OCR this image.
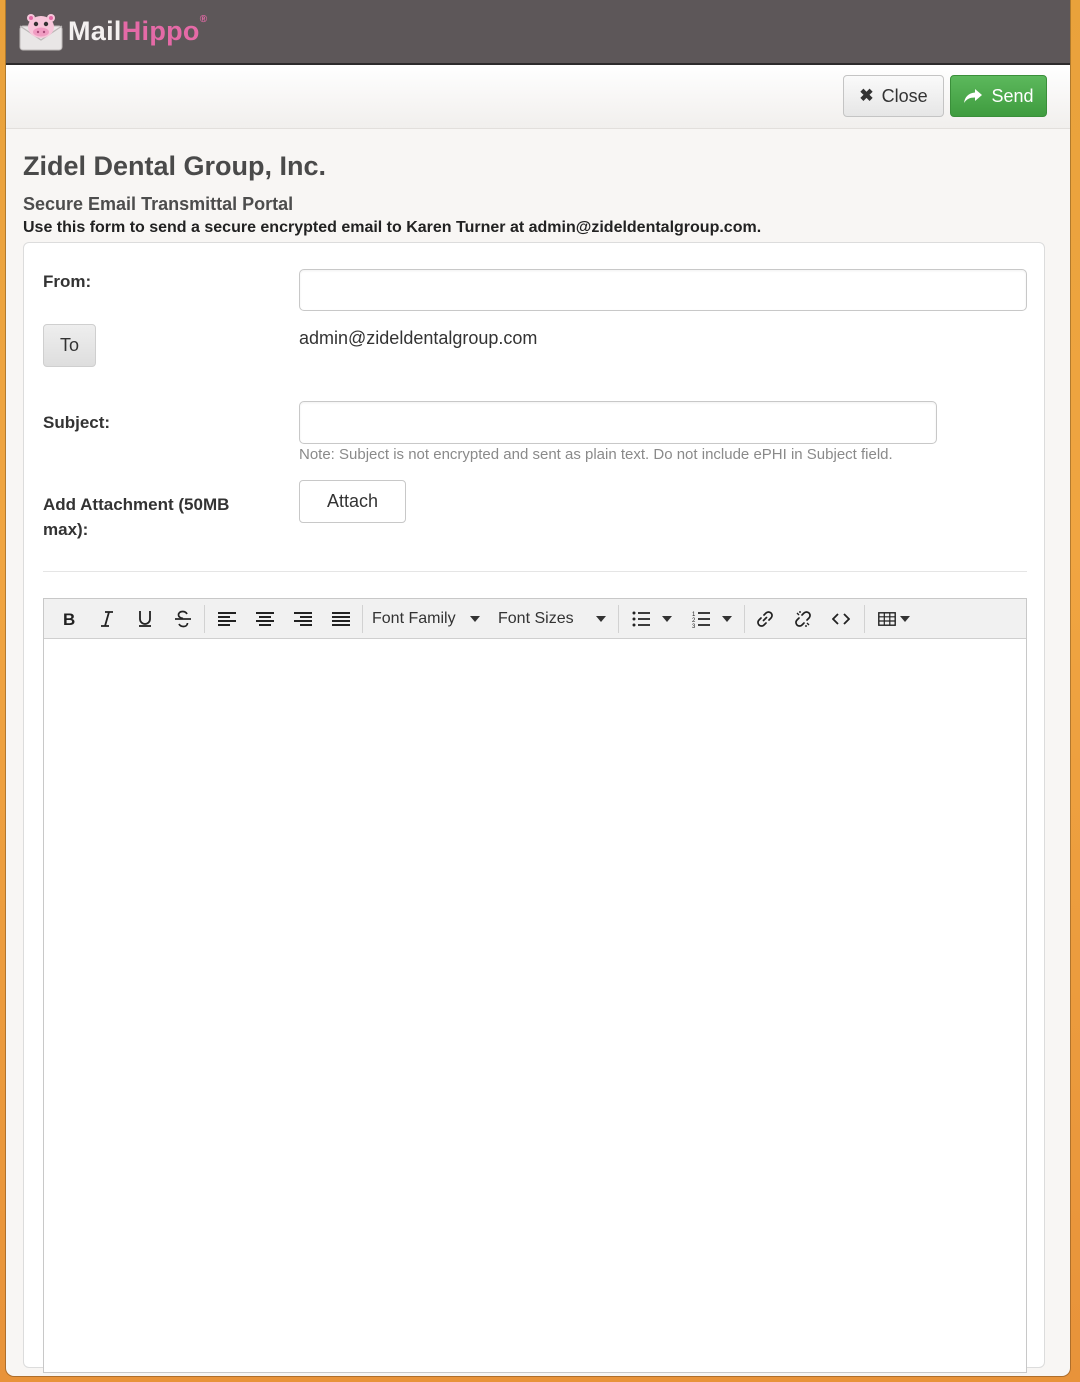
MailHippo®
✖ Close	Send
Zidel Dental Group, Inc.
Secure Email Transmittal Portal
Use this form to send a secure encrypted email to Karen Turner at admin@zideldentalgroup.com.
From:
To	admin@zideldentalgroup.com
Subject:
Note: Subject is not encrypted and sent as plain text. Do not include ePHI in Subject field.
Add Attachment (50MB
max):
Attach
B	Font Family	Font Sizes	1
2
3
